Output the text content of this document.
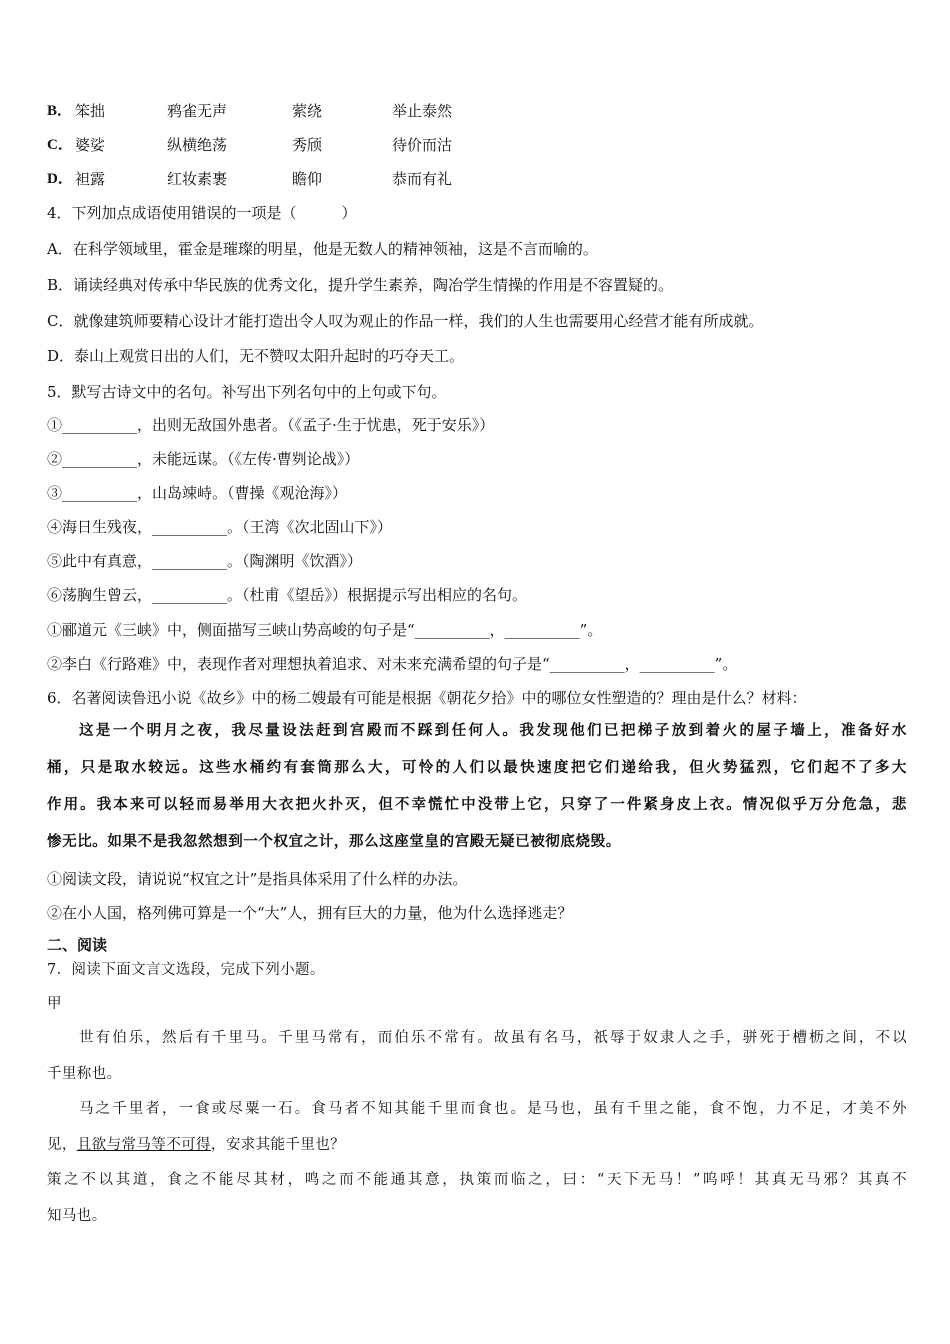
B． 笨拙	鸦雀无声	萦绕	举止泰然
C． 婆娑	纵横绝荡	秀颀	待价而沽
D． 袒露	红妆素裹	瞻仰	恭而有礼
4．下列加点成语使用错误的一项是（　　　）
A．在科学领域里，霍金是璀璨的明星，他是无数人的精神领袖，这是不言而喻的。
B．诵读经典对传承中华民族的优秀文化，提升学生素养，陶冶学生情操的作用是不容置疑的。
C．就像建筑师要精心设计才能打造出令人叹为观止的作品一样，我们的人生也需要用心经营才能有所成就。
D．泰山上观赏日出的人们，无不赞叹太阳升起时的巧夺天工。
5．默写古诗文中的名句。补写出下列名句中的上句或下句。
①__________，出则无敌国外患者。（《孟子·生于忧患，死于安乐》）
②__________，未能远谋。（《左传·曹刿论战》）
③__________，山岛竦峙。（曹操《观沧海》）
④海日生残夜，__________。（王湾《次北固山下》）
⑤此中有真意，__________。（陶渊明《饮酒》）
⑥荡胸生曾云，__________。（杜甫《望岳》）根据提示写出相应的名句。
①郦道元《三峡》中，侧面描写三峡山势高峻的句子是“__________，__________”。
②李白《行路难》中，表现作者对理想执着追求、对未来充满希望的句子是“__________，__________”。
6．名著阅读鲁迅小说《故乡》中的杨二嫂最有可能是根据《朝花夕拾》中的哪位女性塑造的？理由是什么？材料：
这是一个明月之夜，我尽量设法赶到宫殿而不踩到任何人。我发现他们已把梯子放到着火的屋子墙上，准备好水
桶，只是取水较远。这些水桶约有套筒那么大，可怜的人们以最快速度把它们递给我，但火势猛烈，它们起不了多大
作用。我本来可以轻而易举用大衣把火扑灭，但不幸慌忙中没带上它，只穿了一件紧身皮上衣。情况似乎万分危急，悲
惨无比。如果不是我忽然想到一个权宜之计，那么这座堂皇的宫殿无疑已被彻底烧毁。
①阅读文段，请说说“权宜之计”是指具体采用了什么样的办法。
②在小人国，格列佛可算是一个“大”人，拥有巨大的力量，他为什么选择逃走？
二、阅读
7．阅读下面文言文选段，完成下列小题。
甲
世有伯乐，然后有千里马。千里马常有，而伯乐不常有。故虽有名马，祇辱于奴隶人之手，骈死于槽枥之间，不以
千里称也。
马之千里者，一食或尽粟一石。食马者不知其能千里而食也。是马也，虽有千里之能，食不饱，力不足，才美不外
见，且欲与常马等不可得，安求其能千里也？
策之不以其道，食之不能尽其材，鸣之而不能通其意，执策而临之，曰：“天下无马！”呜呼！其真无马邪？其真不
知马也。
